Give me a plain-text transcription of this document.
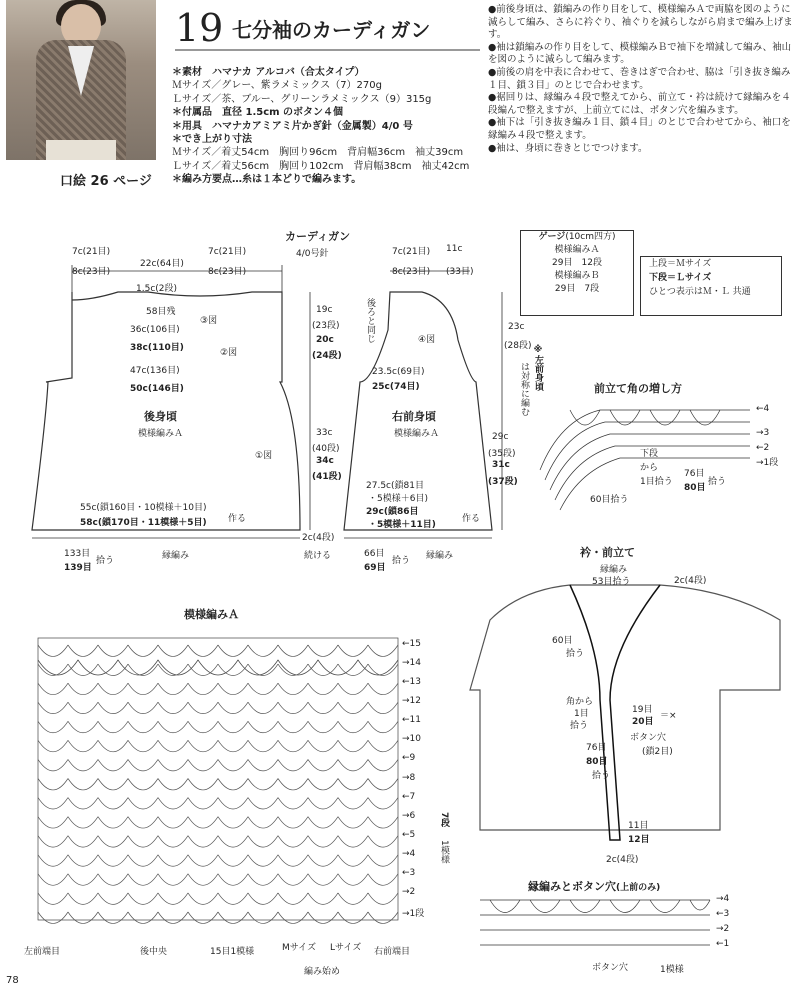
口絵 26 ページ
19 七分袖のカーディガン
＊素材　ハマナカ アルコバ（合太タイプ）
Ｍサイズ／グレー、紫ラメミックス（7）270g
Ｌサイズ／茶、ブルー、グリーンラメミックス（9）315g
＊付属品　直径 1.5cm のボタン４個
＊用具　ハマナカアミアミ片かぎ針（金属製）4/0 号
＊でき上がり寸法
Ｍサイズ／着丈54cm　胸回り96cm　背肩幅36cm　袖丈39cm
Ｌサイズ／着丈56cm　胸回り102cm　背肩幅38cm　袖丈42cm
＊編み方要点…糸は１本どりで編みます。
●前後身頃は、鎖編みの作り目をして、模様編みＡで両脇を図のように減らして編み、さらに衿ぐり、袖ぐりを減らしながら肩まで編み上げます。
●袖は鎖編みの作り目をして、模様編みＢで袖下を増減して編み、袖山を図のように減らして編みます。
●前後の肩を中表に合わせて、巻きはぎで合わせ、脇は「引き抜き編み１目、鎖３目」のとじで合わせます。
●裾回りは、縁編み４段で整えてから、前立て・衿は続けて縁編みを４段編んで整えますが、上前立てには、ボタン穴を編みます。
●袖下は「引き抜き編み１目、鎖４目」のとじで合わせてから、袖口を縁編み４段で整えます。
●袖は、身頃に巻きとじでつけます。
カーディガン
4/0号針
7c(21目)
8c(23目)
22c(64目)
7c(21目)
8c(23目)
1.5c(2段)
58目残
③図
36c(106目)
38c(110目)	②図
47c(136目)
50c(146目)
後身頃
模様編みＡ
①図
55c(鎖160目・10模様＋10目)
58c(鎖170目・11模様＋5目) 作る
133目
139目
拾う	縁編み
19c
(23段)
20c
(24段)
33c
(40段)
34c
(41段)
2c(4段)
続ける
7c(21目)
8c(23目)
11c
(33目)
後ろと同じ	④図
23.5c(69目)
25c(74目)
右前身頃
模様編みＡ
27.5c(鎖81目
・5模様＋6目)
29c(鎖86目
・5模様＋11目)
作る
66目
69目
拾う 縁編み
23c
(28段)
29c
(35段)
31c
(37段)
※左前身頃
は対称に編む
ゲージ(10cm四方)
模様編みＡ
29目　12段
模様編みＢ
29目　7段
上段＝Ｍサイズ
下段＝Ｌサイズ
ひとつ表示はＭ・Ｌ 共通
前立て角の増し方
←4
→3
←2
→1段
下段
から
1目拾う
76目
80目
拾う
60目拾う
衿・前立て
縁編み
53目拾う	2c(4段)
60目
拾う
角から
1目
拾う
19目
20目
＝×
ボタン穴
(鎖2目)
76目
80目
拾う
11目
12目
2c(4段)
模様編みＡ
←15
→14
←13
→12
←11
→10
←9
→8
←7
→6
←5
→4
←3
→2
→1段
7段
1模様
左前端目	後中央	15目1模様	Mサイズ Lサイズ 右前端目
編み始め
縁編みとボタン穴(上前のみ)
→4
←3
→2
←1
ボタン穴	1模様
78
